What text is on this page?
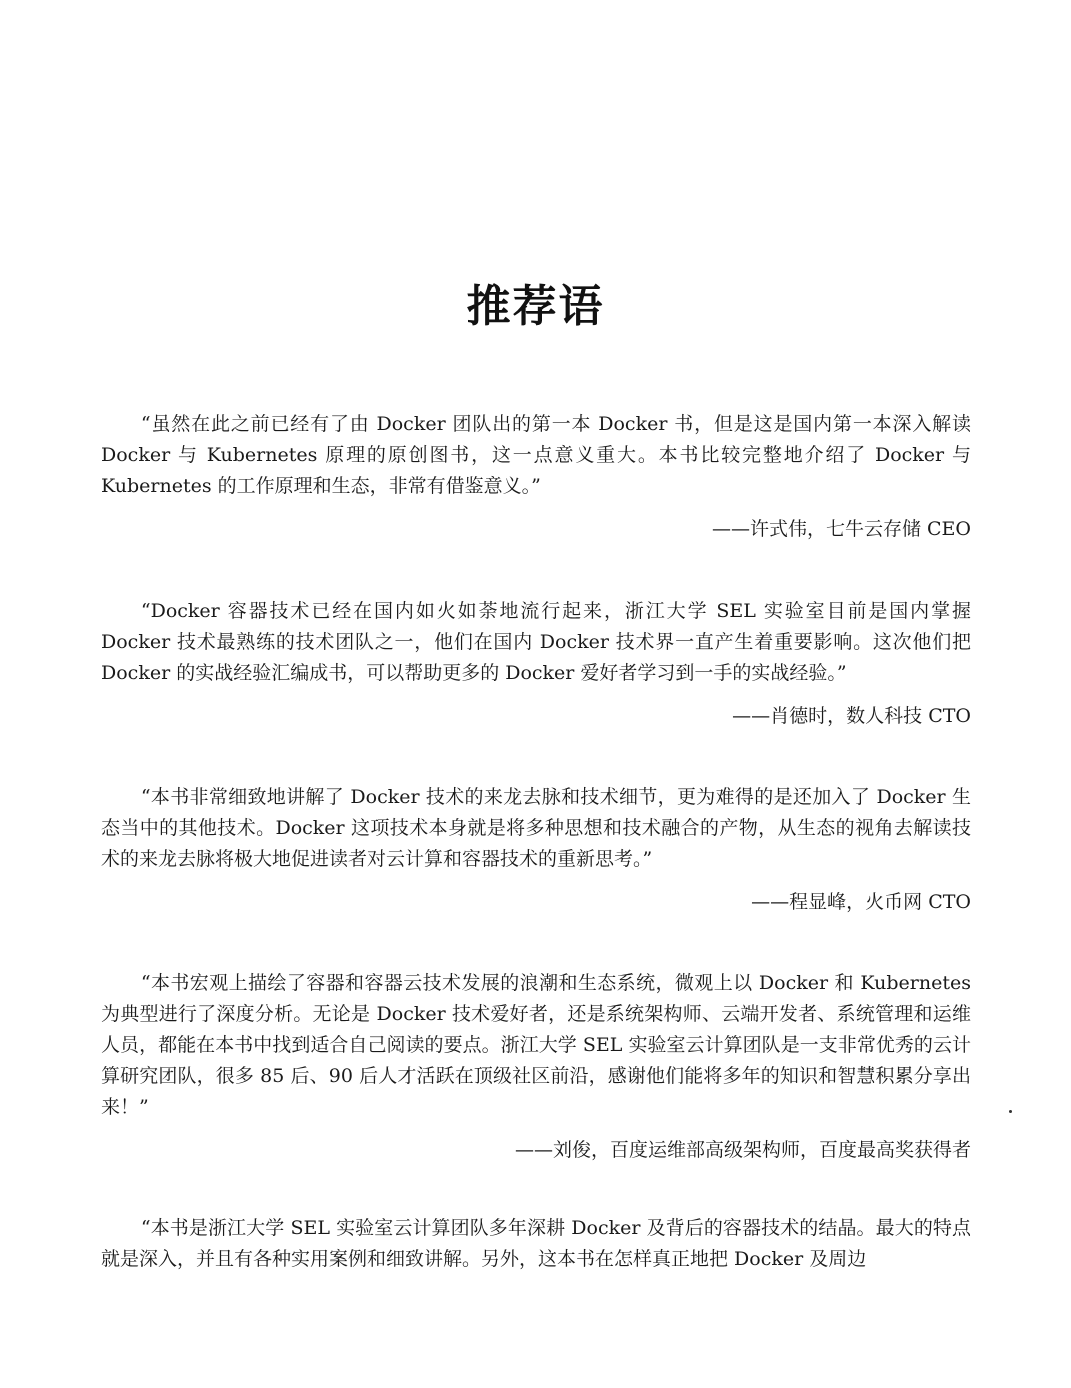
推荐语

“虽然在此之前已经有了由 Docker 团队出的第一本 Docker 书，但是这是国内第一本深入解读 Docker 与 Kubernetes 原理的原创图书，这一点意义重大。本书比较完整地介绍了 Docker 与 Kubernetes 的工作原理和生态，非常有借鉴意义。”

——许式伟，七牛云存储 CEO

“Docker 容器技术已经在国内如火如荼地流行起来，浙江大学 SEL 实验室目前是国内掌握 Docker 技术最熟练的技术团队之一，他们在国内 Docker 技术界一直产生着重要影响。这次他们把 Docker 的实战经验汇编成书，可以帮助更多的 Docker 爱好者学习到一手的实战经验。”

——肖德时，数人科技 CTO

“本书非常细致地讲解了 Docker 技术的来龙去脉和技术细节，更为难得的是还加入了 Docker 生态当中的其他技术。Docker 这项技术本身就是将多种思想和技术融合的产物，从生态的视角去解读技术的来龙去脉将极大地促进读者对云计算和容器技术的重新思考。”

——程显峰，火币网 CTO

“本书宏观上描绘了容器和容器云技术发展的浪潮和生态系统，微观上以 Docker 和 Kubernetes 为典型进行了深度分析。无论是 Docker 技术爱好者，还是系统架构师、云端开发者、系统管理和运维人员，都能在本书中找到适合自己阅读的要点。浙江大学 SEL 实验室云计算团队是一支非常优秀的云计算研究团队，很多 85 后、90 后人才活跃在顶级社区前沿，感谢他们能将多年的知识和智慧积累分享出来！”

——刘俊，百度运维部高级架构师，百度最高奖获得者

“本书是浙江大学 SEL 实验室云计算团队多年深耕 Docker 及背后的容器技术的结晶。最大的特点就是深入，并且有各种实用案例和细致讲解。另外，这本书在怎样真正地把 Docker 及周边
